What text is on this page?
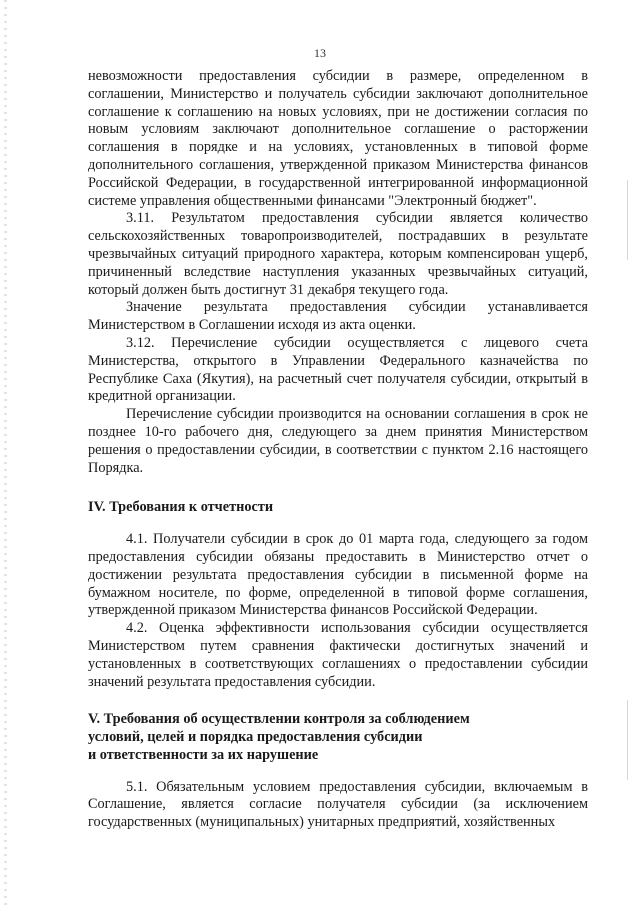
13

невозможности предоставления субсидии в размере, определенном в соглашении, Министерство и получатель субсидии заключают дополнительное соглашение к соглашению на новых условиях, при не достижении согласия по новым условиям заключают дополнительное соглашение о расторжении соглашения в порядке и на условиях, установленных в типовой форме дополнительного соглашения, утвержденной приказом Министерства финансов Российской Федерации, в государственной интегрированной информационной системе управления общественными финансами "Электронный бюджет".

3.11. Результатом предоставления субсидии является количество сельскохозяйственных товаропроизводителей, пострадавших в результате чрезвычайных ситуаций природного характера, которым компенсирован ущерб, причиненный вследствие наступления указанных чрезвычайных ситуаций, который должен быть достигнут 31 декабря текущего года.

Значение результата предоставления субсидии устанавливается Министерством в Соглашении исходя из акта оценки.

3.12. Перечисление субсидии осуществляется с лицевого счета Министерства, открытого в Управлении Федерального казначейства по Республике Саха (Якутия), на расчетный счет получателя субсидии, открытый в кредитной организации.

Перечисление субсидии производится на основании соглашения в срок не позднее 10-го рабочего дня, следующего за днем принятия Министерством решения о предоставлении субсидии, в соответствии с пунктом 2.16 настоящего Порядка.

IV. Требования к отчетности

4.1. Получатели субсидии в срок до 01 марта года, следующего за годом предоставления субсидии обязаны предоставить в Министерство отчет о достижении результата предоставления субсидии в письменной форме на бумажном носителе, по форме, определенной в типовой форме соглашения, утвержденной приказом Министерства финансов Российской Федерации.

4.2. Оценка эффективности использования субсидии осуществляется Министерством путем сравнения фактически достигнутых значений и установленных в соответствующих соглашениях о предоставлении субсидии значений результата предоставления субсидии.

V. Требования об осуществлении контроля за соблюдением

условий, целей и порядка предоставления субсидии

и ответственности за их нарушение

5.1. Обязательным условием предоставления субсидии, включаемым в Соглашение, является согласие получателя субсидии (за исключением государственных (муниципальных) унитарных предприятий, хозяйственных
